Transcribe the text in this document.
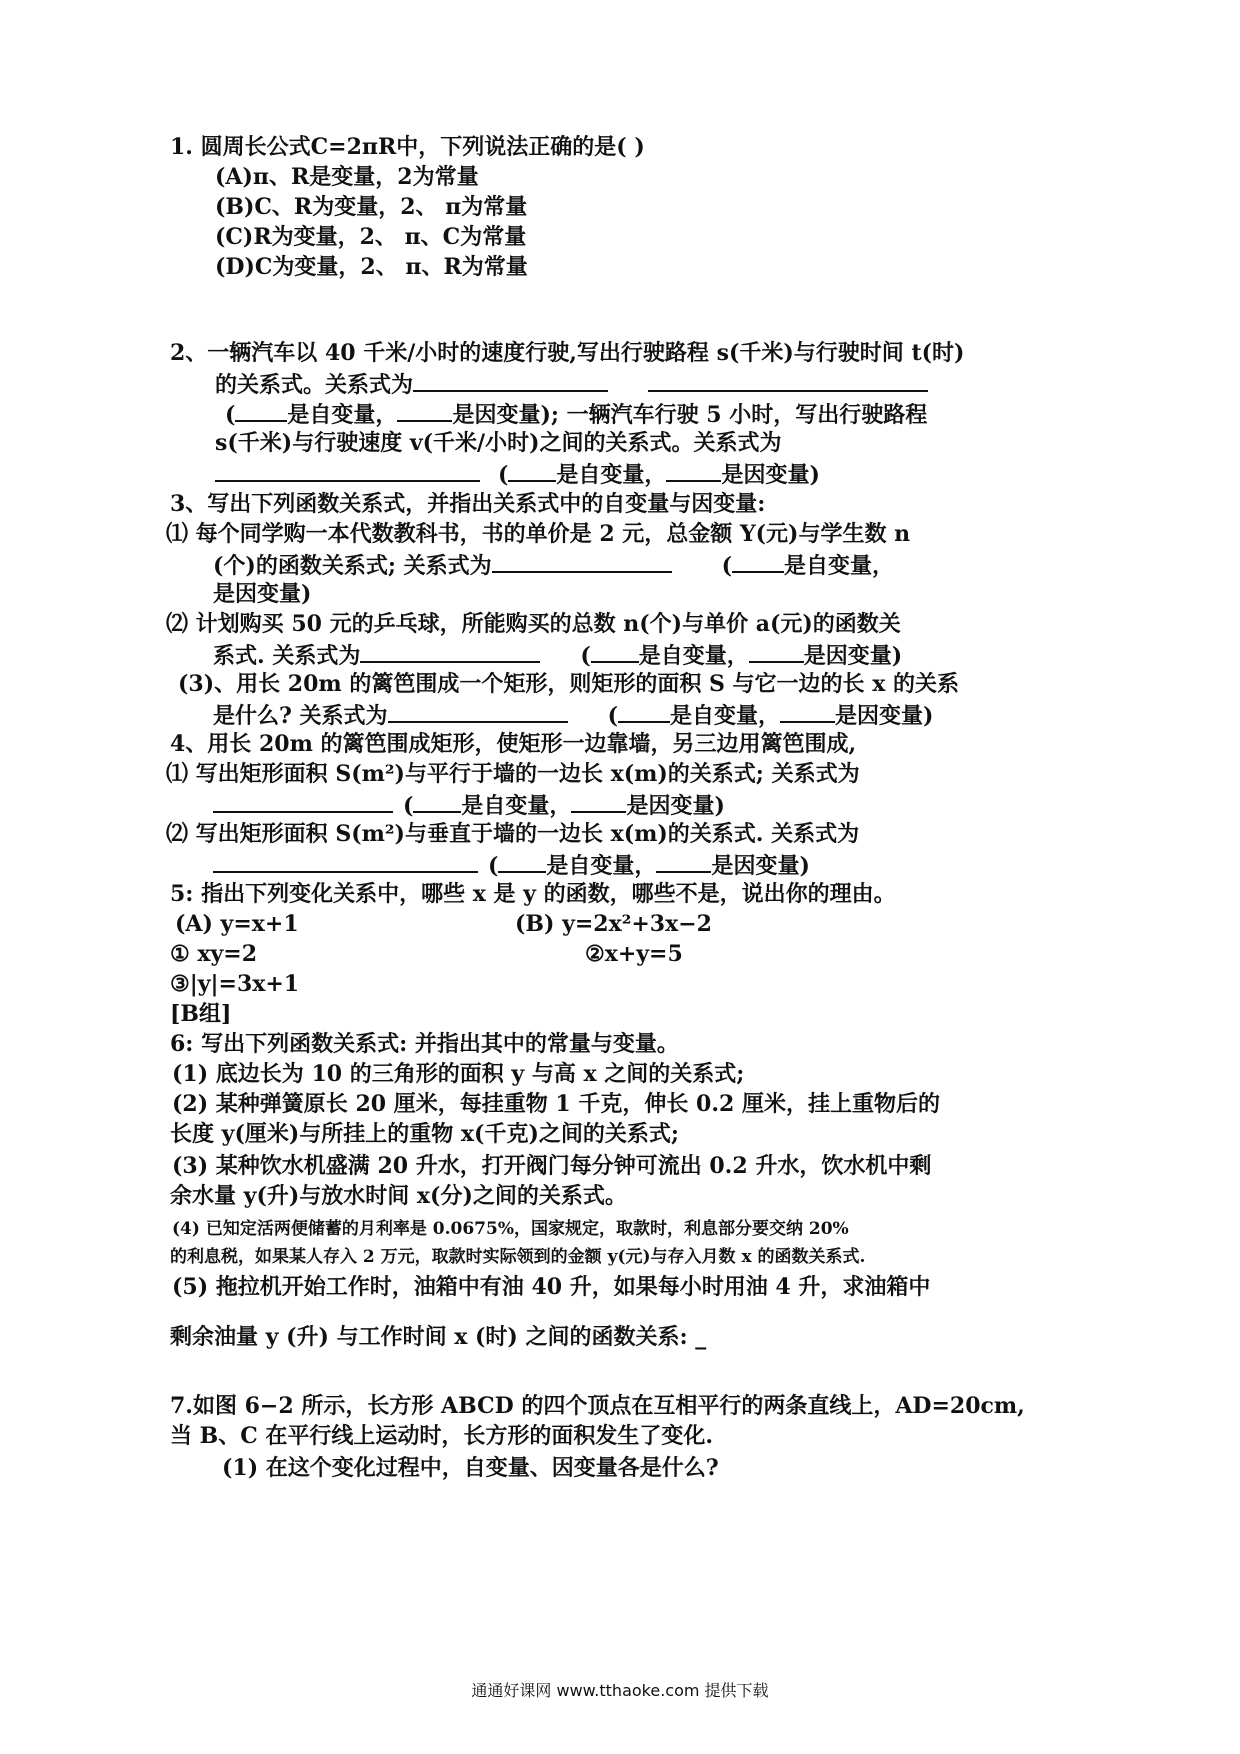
1. 圆周长公式C=2πR中，下列说法正确的是( )
(A)π、R是变量，2为常量
(B)C、R为变量，2、 π为常量
(C)R为变量，2、 π、C为常量
(D)C为变量，2、 π、R为常量
2、一辆汽车以 40 千米/小时的速度行驶,写出行驶路程 s(千米)与行驶时间 t(时)
的关系式。关系式为
( 是自变量，	是因变量); 一辆汽车行驶 5 小时，写出行驶路程
s(千米)与行驶速度 v(千米/小时)之间的关系式。关系式为
( 是自变量，	是因变量)
3、写出下列函数关系式，并指出关系式中的自变量与因变量:
⑴ 每个同学购一本代数教科书，书的单价是 2 元，总金额 Y(元)与学生数 n
(个)的函数关系式; 关系式为	( 是自变量，
是因变量)
⑵ 计划购买 50 元的乒乓球，所能购买的总数 n(个)与单价 a(元)的函数关
系式. 关系式为	( 是自变量，	是因变量)
(3)、用长 20m 的篱笆围成一个矩形，则矩形的面积 S 与它一边的长 x 的关系
是什么? 关系式为	( 是自变量，	是因变量)
4、用长 20m 的篱笆围成矩形，使矩形一边靠墙，另三边用篱笆围成,
⑴ 写出矩形面积 S(m²)与平行于墙的一边长 x(m)的关系式; 关系式为
( 是自变量，	是因变量)
⑵ 写出矩形面积 S(m²)与垂直于墙的一边长 x(m)的关系式. 关系式为
( 是自变量，	是因变量)
5: 指出下列变化关系中，哪些 x 是 y 的函数，哪些不是，说出你的理由。
(A) y=x+1	(B) y=2x²+3x−2
① xy=2	②x+y=5
③|y|=3x+1
[B组]
6: 写出下列函数关系式: 并指出其中的常量与变量。
(1) 底边长为 10 的三角形的面积 y 与高 x 之间的关系式;
(2) 某种弹簧原长 20 厘米，每挂重物 1 千克，伸长 0.2 厘米，挂上重物后的
长度 y(厘米)与所挂上的重物 x(千克)之间的关系式;
(3) 某种饮水机盛满 20 升水，打开阀门每分钟可流出 0.2 升水，饮水机中剩
余水量 y(升)与放水时间 x(分)之间的关系式。
(4) 已知定活两便储蓄的月利率是 0.0675%，国家规定，取款时，利息部分要交纳 20%
的利息税，如果某人存入 2 万元，取款时实际领到的金额 y(元)与存入月数 x 的函数关系式.
(5) 拖拉机开始工作时，油箱中有油 40 升，如果每小时用油 4 升，求油箱中
剩余油量 y (升) 与工作时间 x (时) 之间的函数关系: _
7.如图 6−2 所示，长方形 ABCD 的四个顶点在互相平行的两条直线上，AD=20cm,
当 B、C 在平行线上运动时，长方形的面积发生了变化.
(1) 在这个变化过程中，自变量、因变量各是什么?
通通好课网 www.tthaoke.com 提供下载
